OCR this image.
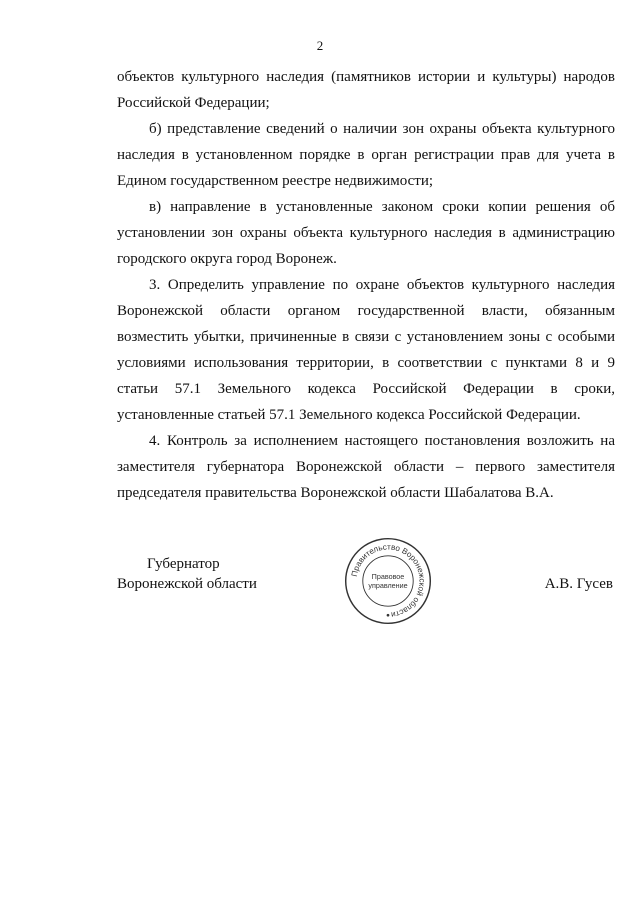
2

объектов культурного наследия (памятников истории и культуры) народов Российской Федерации;

б) представление сведений о наличии зон охраны объекта культурного наследия в установленном порядке в орган регистрации прав для учета в Едином государственном реестре недвижимости;

в) направление в установленные законом сроки копии решения об установлении зон охраны объекта культурного наследия в администрацию городского округа город Воронеж.

3. Определить управление по охране объектов культурного наследия Воронежской области органом государственной власти, обязанным возместить убытки, причиненные в связи с установлением зоны с особыми условиями использования территории, в соответствии с пунктами 8 и 9 статьи 57.1 Земельного кодекса Российской Федерации в сроки, установленные статьей 57.1 Земельного кодекса Российской Федерации.

4. Контроль за исполнением настоящего постановления возложить на заместителя губернатора Воронежской области – первого заместителя председателя правительства Воронежской области Шабалатова В.А.

Губернатор
Воронежской области
Правительство Воронежской области
Правовое
управление	А.В. Гусев
